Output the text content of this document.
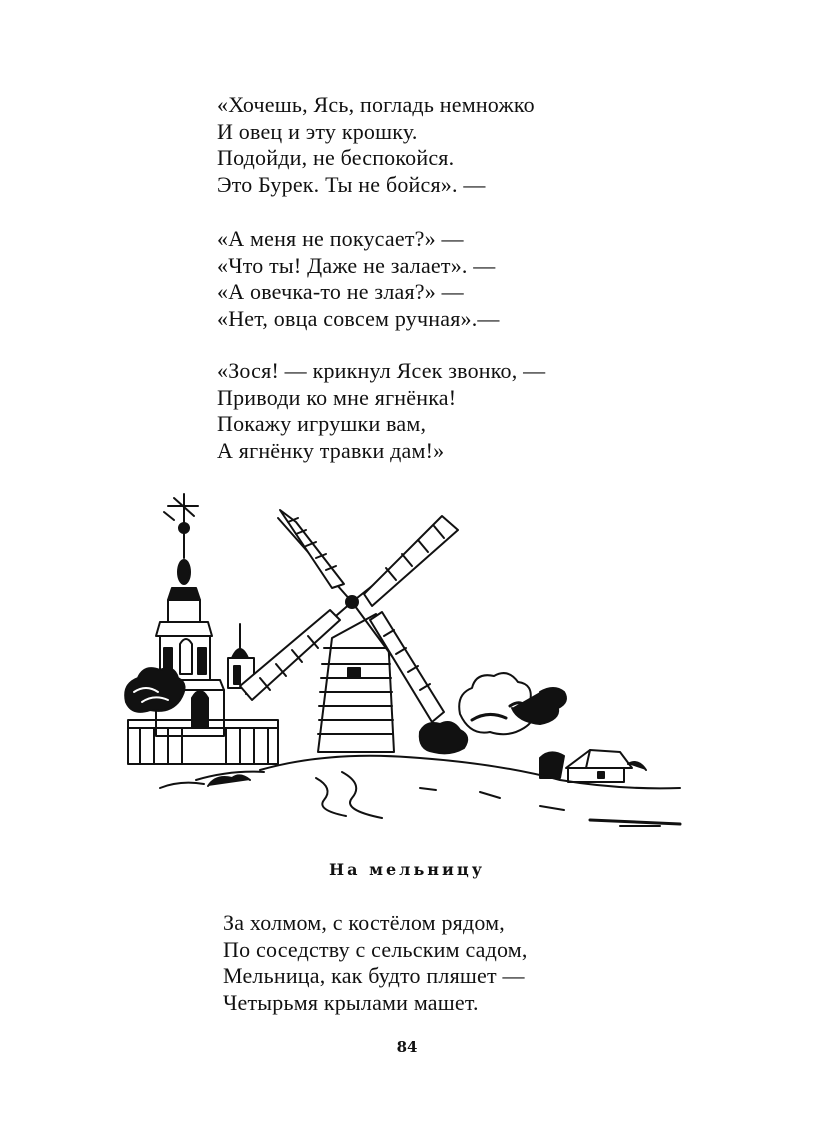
«Хочешь, Ясь, погладь немножко
И овец и эту крошку.
Подойди, не беспокойся.
Это Бурек. Ты не бойся». —

«А меня не покусает?» —
«Что ты! Даже не залает». —
«А овечка-то не злая?» —
«Нет, овца совсем ручная».—

«Зося! — крикнул Ясек звонко, —
Приводи ко мне ягнёнка!
Покажу игрушки вам,
А ягнёнку травки дам!»

На мельницу

За холмом, с костёлом рядом,
По соседству с сельским садом,
Мельница, как будто пляшет —
Четырьмя крылами машет.

84
